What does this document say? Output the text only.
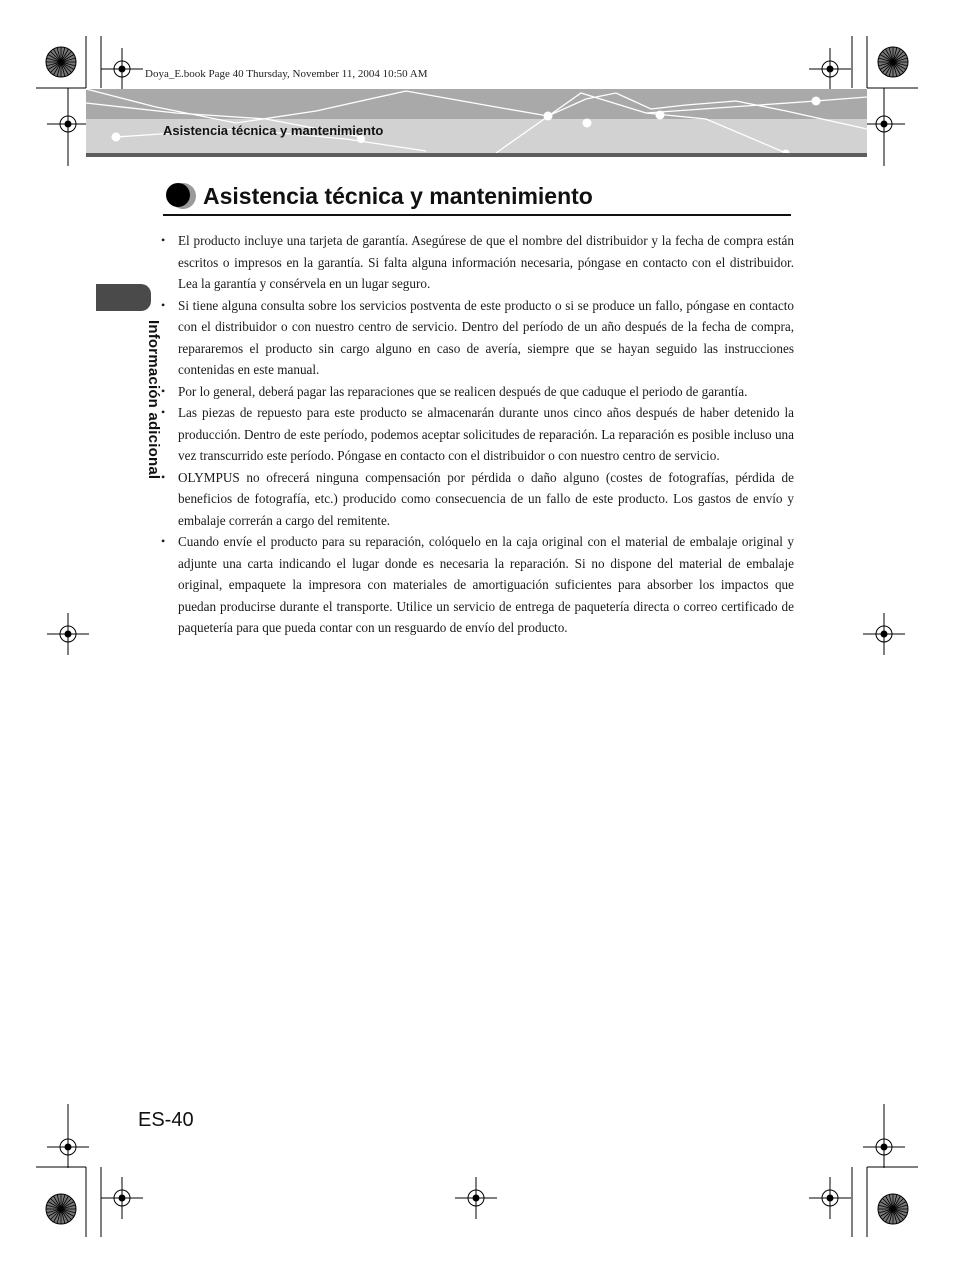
Doya_E.book Page 40 Thursday, November 11, 2004 10:50 AM
Asistencia técnica y mantenimiento
Asistencia técnica y mantenimiento
Información adicional
• El producto incluye una tarjeta de garantía. Asegúrese de que el nombre del distribuidor y la fecha de compra están escritos o impresos en la garantía. Si falta alguna información necesaria, póngase en contacto con el distribuidor. Lea la garantía y consérvela en un lugar seguro.
• Si tiene alguna consulta sobre los servicios postventa de este producto o si se produce un fallo, póngase en contacto con el distribuidor o con nuestro centro de servicio. Dentro del período de un año después de la fecha de compra, repararemos el producto sin cargo alguno en caso de avería, siempre que se hayan seguido las instrucciones contenidas en este manual.
• Por lo general, deberá pagar las reparaciones que se realicen después de que caduque el periodo de garantía.
• Las piezas de repuesto para este producto se almacenarán durante unos cinco años después de haber detenido la producción. Dentro de este período, podemos aceptar solicitudes de reparación. La reparación es posible incluso una vez transcurrido este período. Póngase en contacto con el distribuidor o con nuestro centro de servicio.
• OLYMPUS no ofrecerá ninguna compensación por pérdida o daño alguno (costes de fotografías, pérdida de beneficios de fotografía, etc.) producido como consecuencia de un fallo de este producto. Los gastos de envío y embalaje correrán a cargo del remitente.
• Cuando envíe el producto para su reparación, colóquelo en la caja original con el material de embalaje original y adjunte una carta indicando el lugar donde es necesaria la reparación. Si no dispone del material de embalaje original, empaquete la impresora con materiales de amortiguación suficientes para absorber los impactos que puedan producirse durante el transporte. Utilice un servicio de entrega de paquetería directa o correo certificado de paquetería para que pueda contar con un resguardo de envío del producto.
ES-40
